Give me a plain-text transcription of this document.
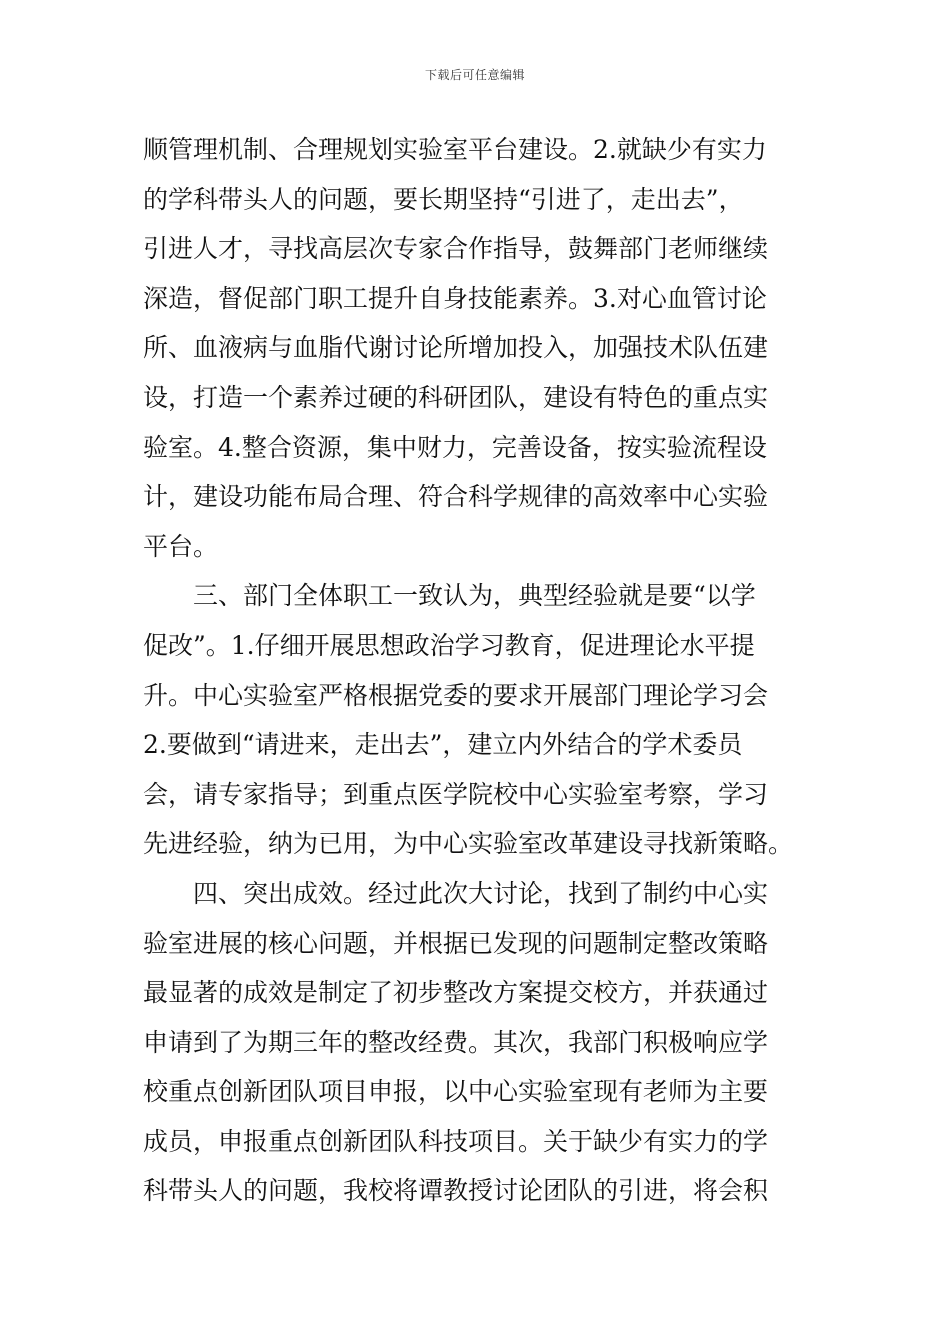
下载后可任意编辑
顺管理机制、合理规划实验室平台建设。2.就缺少有实力
的学科带头人的问题，要长期坚持“引进了，走出去”，
引进人才，寻找高层次专家合作指导，鼓舞部门老师继续
深造，督促部门职工提升自身技能素养。3.对心血管讨论
所、血液病与血脂代谢讨论所增加投入，加强技术队伍建
设，打造一个素养过硬的科研团队，建设有特色的重点实
验室。4.整合资源，集中财力，完善设备，按实验流程设
计，建设功能布局合理、符合科学规律的高效率中心实验
平台。
　　三、部门全体职工一致认为，典型经验就是要“以学
促改”。1.仔细开展思想政治学习教育，促进理论水平提
升。中心实验室严格根据党委的要求开展部门理论学习会
2.要做到“请进来，走出去”，建立内外结合的学术委员
会，请专家指导；到重点医学院校中心实验室考察，学习
先进经验，纳为已用，为中心实验室改革建设寻找新策略。
　　四、突出成效。经过此次大讨论，找到了制约中心实
验室进展的核心问题，并根据已发现的问题制定整改策略
最显著的成效是制定了初步整改方案提交校方，并获通过
申请到了为期三年的整改经费。其次，我部门积极响应学
校重点创新团队项目申报，以中心实验室现有老师为主要
成员，申报重点创新团队科技项目。关于缺少有实力的学
科带头人的问题，我校将谭教授讨论团队的引进，将会积
